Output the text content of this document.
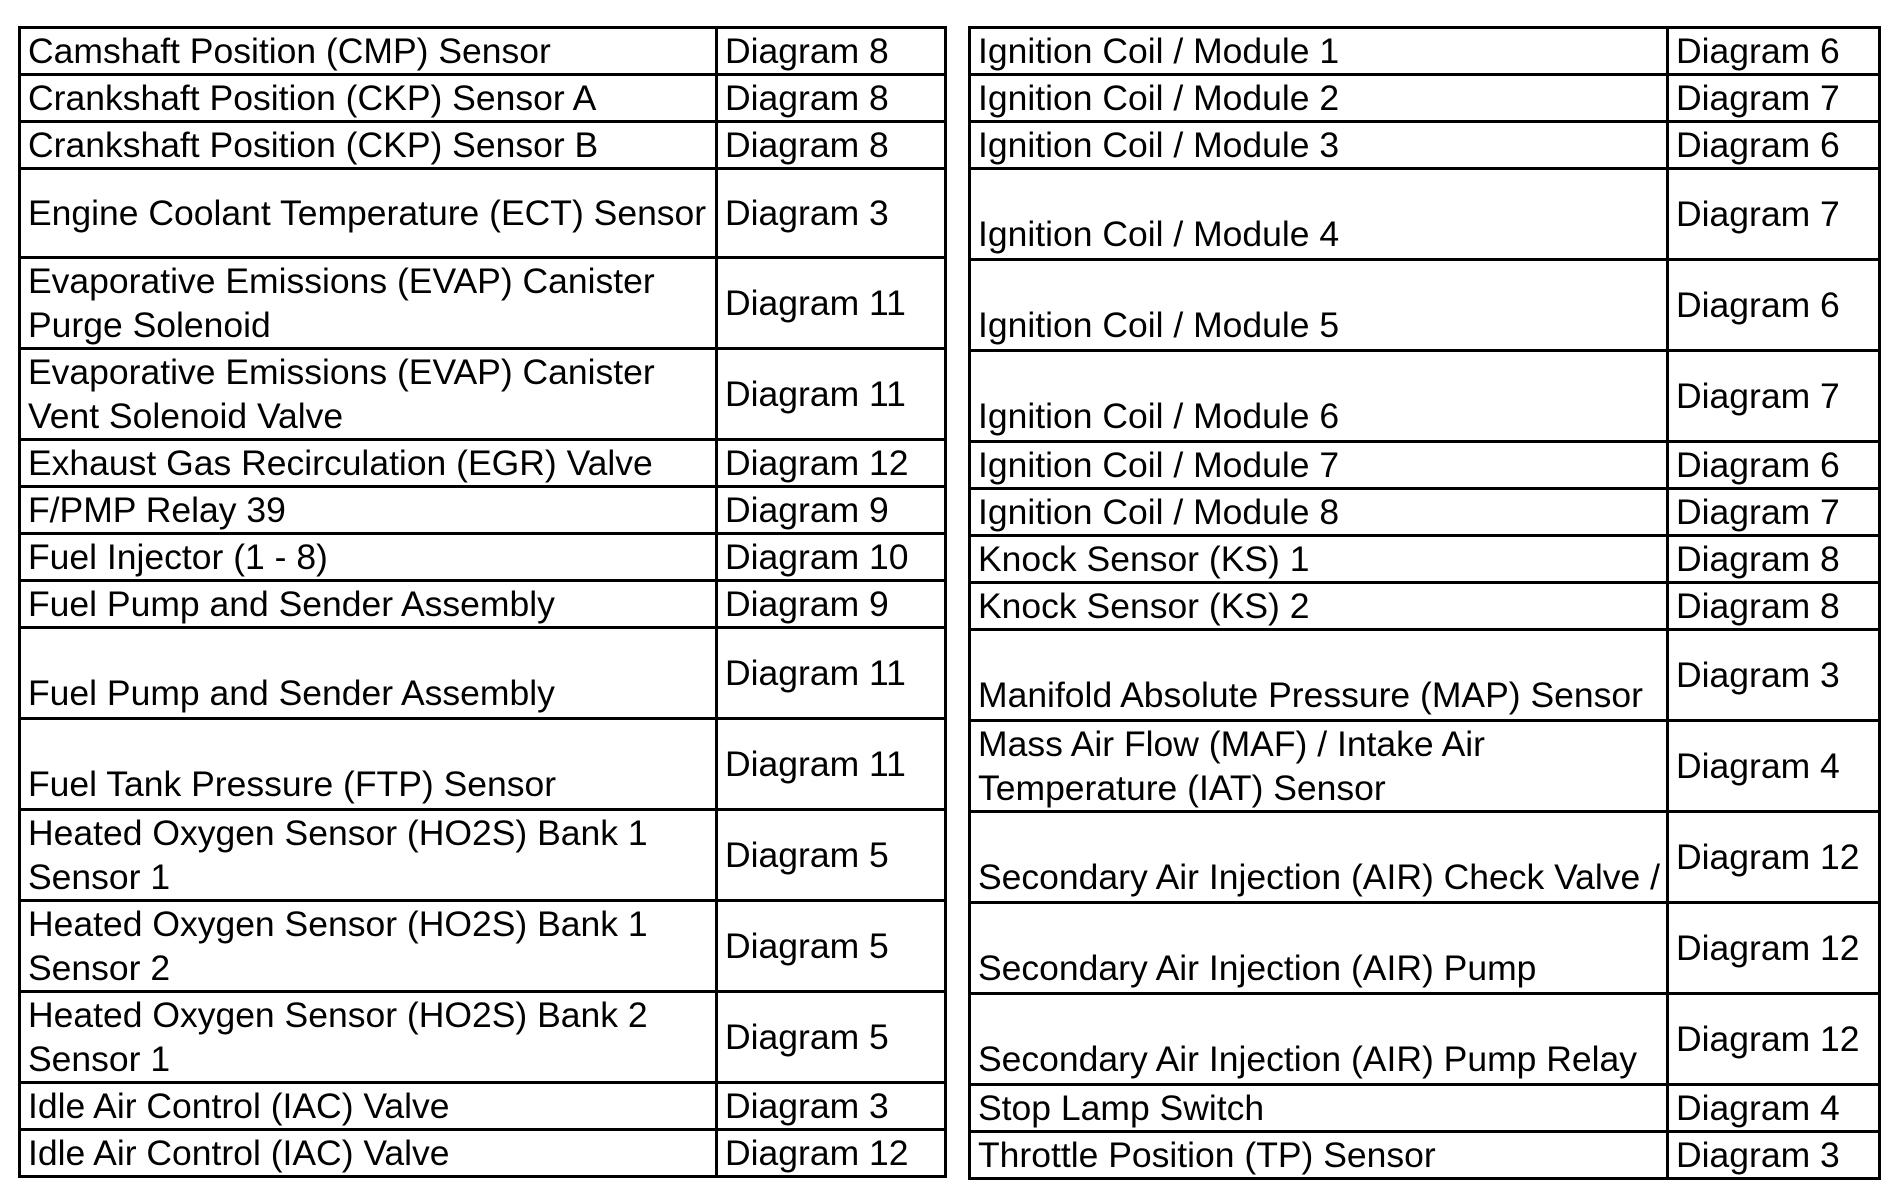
Camshaft Position (CMP) Sensor	Diagram 8
Crankshaft Position (CKP) Sensor A	Diagram 8
Crankshaft Position (CKP) Sensor B	Diagram 8
Engine Coolant Temperature (ECT) Sensor	Diagram 3
Evaporative Emissions (EVAP) Canister Purge Solenoid	Diagram 11
Evaporative Emissions (EVAP) Canister Vent Solenoid Valve	Diagram 11
Exhaust Gas Recirculation (EGR) Valve	Diagram 12
F/PMP Relay 39	Diagram 9
Fuel Injector (1 - 8)	Diagram 10
Fuel Pump and Sender Assembly	Diagram 9
Fuel Pump and Sender Assembly	Diagram 11
Fuel Tank Pressure (FTP) Sensor	Diagram 11
Heated Oxygen Sensor (HO2S) Bank 1 Sensor 1	Diagram 5
Heated Oxygen Sensor (HO2S) Bank 1 Sensor 2	Diagram 5
Heated Oxygen Sensor (HO2S) Bank 2 Sensor 1	Diagram 5
Idle Air Control (IAC) Valve	Diagram 3
Idle Air Control (IAC) Valve	Diagram 12
Ignition Coil / Module 1	Diagram 6
Ignition Coil / Module 2	Diagram 7
Ignition Coil / Module 3	Diagram 6
Ignition Coil / Module 4	Diagram 7
Ignition Coil / Module 5	Diagram 6
Ignition Coil / Module 6	Diagram 7
Ignition Coil / Module 7	Diagram 6
Ignition Coil / Module 8	Diagram 7
Knock Sensor (KS) 1	Diagram 8
Knock Sensor (KS) 2	Diagram 8
Manifold Absolute Pressure (MAP) Sensor	Diagram 3
Mass Air Flow (MAF) / Intake Air Temperature (IAT) Sensor	Diagram 4
Secondary Air Injection (AIR) Check Valve /	Diagram 12
Secondary Air Injection (AIR) Pump	Diagram 12
Secondary Air Injection (AIR) Pump Relay	Diagram 12
Stop Lamp Switch	Diagram 4
Throttle Position (TP) Sensor	Diagram 3
